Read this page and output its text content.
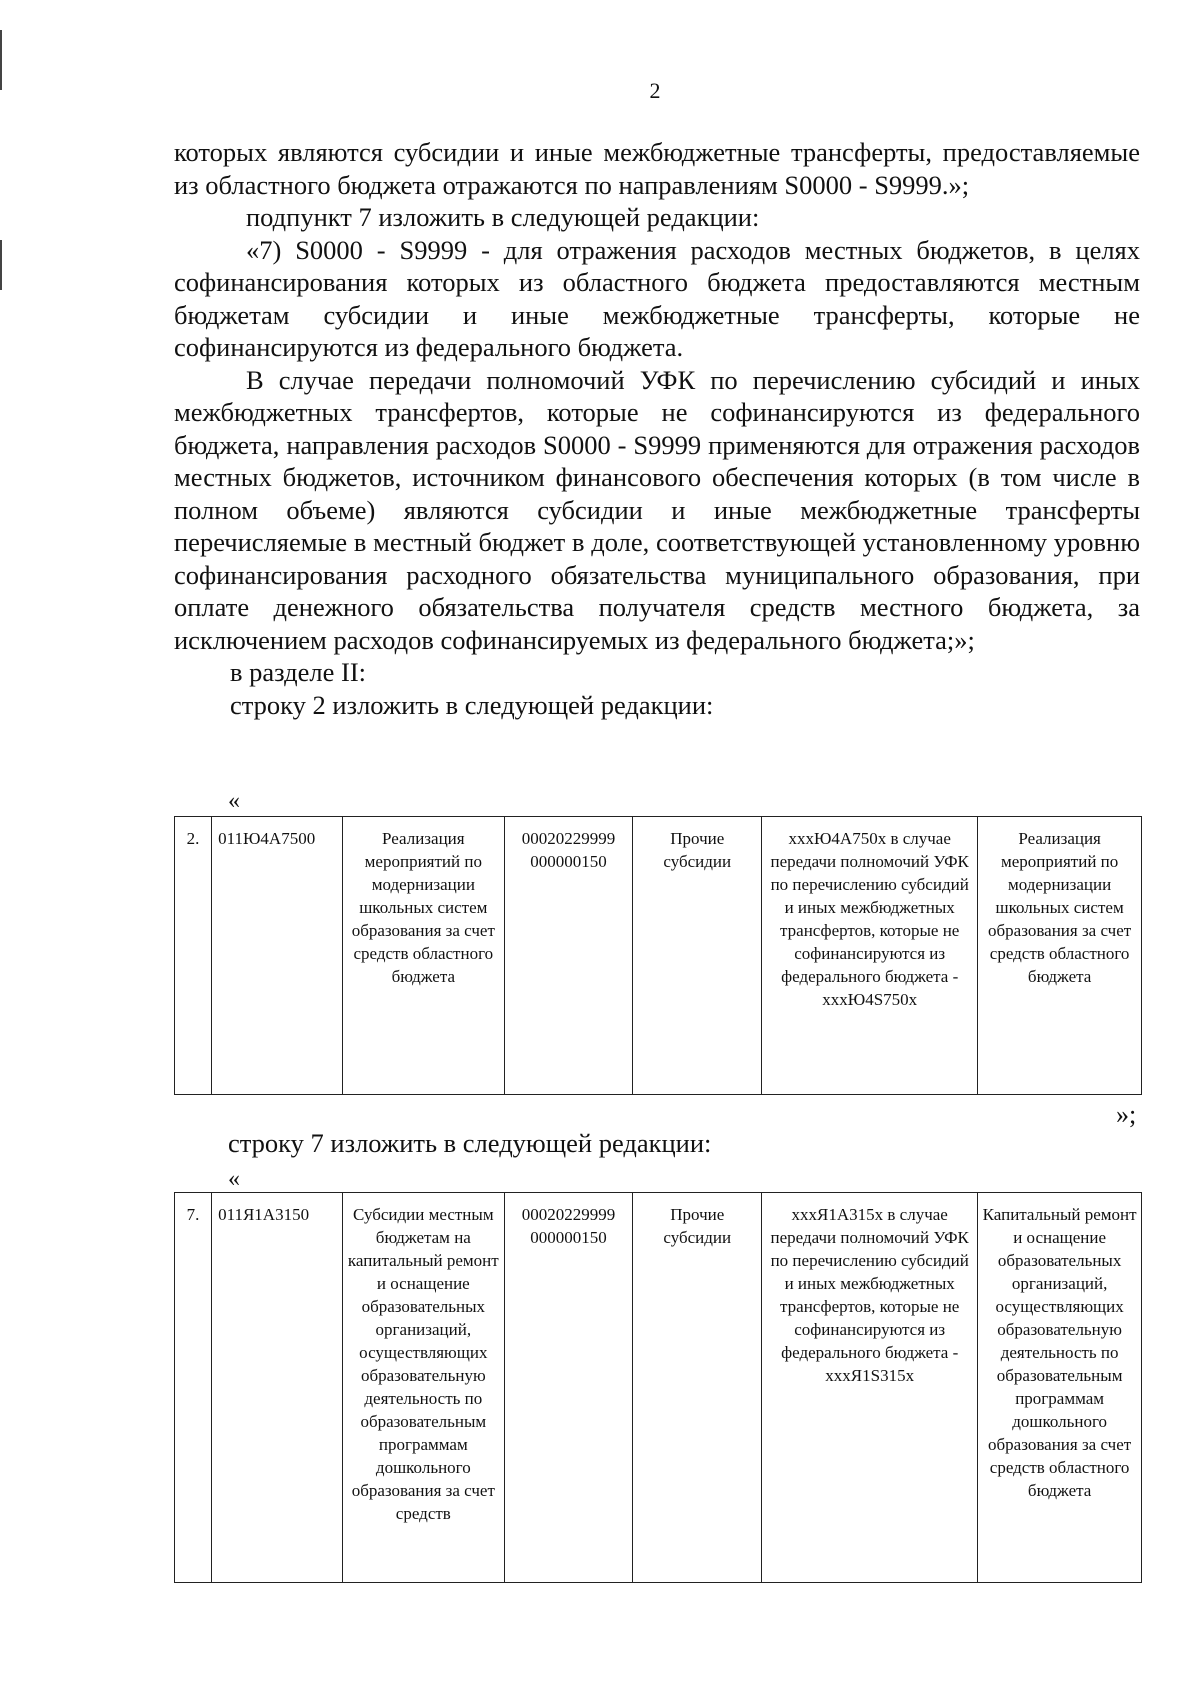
2

которых являются субсидии и иные межбюджетные трансферты, предоставляемые из областного бюджета отражаются по направлениям S0000 - S9999.»;

подпункт 7 изложить в следующей редакции:

«7) S0000 - S9999 - для отражения расходов местных бюджетов, в целях софинансирования которых из областного бюджета предоставляются местным бюджетам субсидии и иные межбюджетные трансферты, которые не софинансируются из федерального бюджета.

В случае передачи полномочий УФК по перечислению субсидий и иных межбюджетных трансфертов, которые не софинансируются из федерального бюджета, направления расходов S0000 - S9999 применяются для отражения расходов местных бюджетов, источником финансового обеспечения которых (в том числе в полном объеме) являются субсидии и иные межбюджетные трансферты перечисляемые в местный бюджет в доле, соответствующей установленному уровню софинансирования расходного обязательства муниципального образования, при оплате денежного обязательства получателя средств местного бюджета, за исключением расходов софинансируемых из федерального бюджета;»;

в разделе II:

строку 2 изложить в следующей редакции:

«
2.	011Ю4А7500	Реализация мероприятий по модернизации школьных систем образования за счет средств областного бюджета	00020229999 000000150	Прочие субсидии	xxxЮ4А750x в случае передачи полномочий УФК по перечислению субсидий и иных межбюджетных трансфертов, которые не софинансируются из федерального бюджета - xxxЮ4S750x	Реализация мероприятий по модернизации школьных систем образования за счет средств областного бюджета
»;
строку 7 изложить в следующей редакции:
«
7.	011Я1А3150	Субсидии местным бюджетам на капитальный ремонт и оснащение образовательных организаций, осуществляющих образовательную деятельность по образовательным программам дошкольного образования за счет средств	00020229999 000000150	Прочие субсидии	xxxЯ1А315x в случае передачи полномочий УФК по перечислению субсидий и иных межбюджетных трансфертов, которые не софинансируются из федерального бюджета - xxxЯ1S315x	Капитальный ремонт и оснащение образовательных организаций, осуществляющих образовательную деятельность по образовательным программам дошкольного образования за счет средств областного бюджета
